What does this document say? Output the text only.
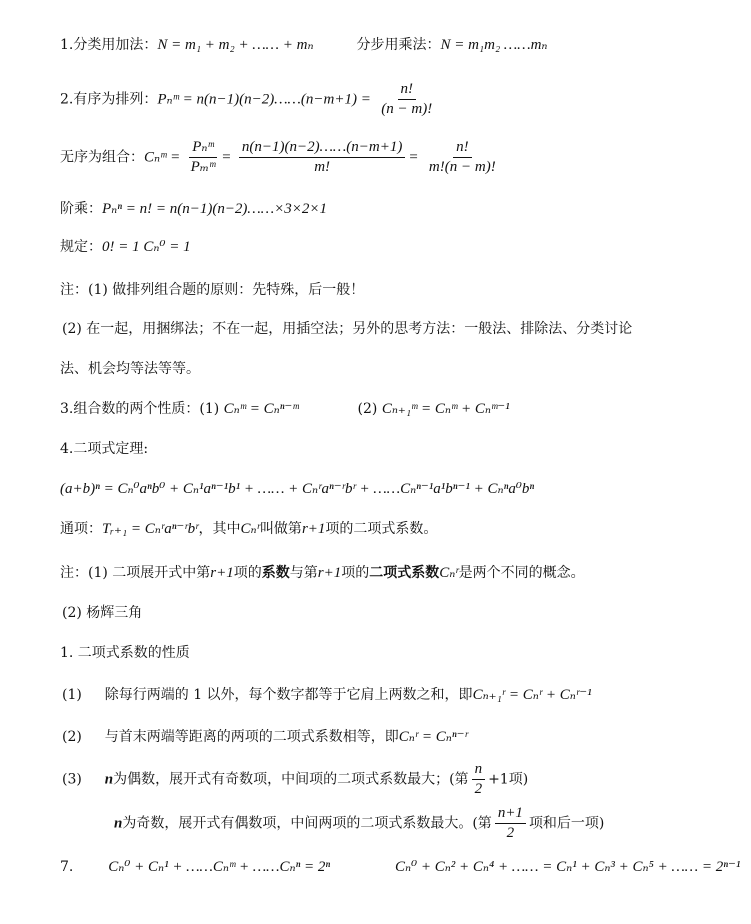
1.分类用加法：N = m₁ + m₂ + …… + mₙ	分步用乘法：N = m₁m₂ ……mₙ
2.有序为排列：Pₙᵐ = n(n−1)(n−2)……(n−m+1) = $\frac{n!}{(n - m)!}$
无序为组合：Cₙᵐ = $\frac{\text{Pₙᵐ}}{\text{Pₘᵐ}} = \frac{n(n-1)(n-2)\dots\dots(n-m+1)}{m!} = \frac{n!}{m!(n - m)!}$
阶乘：Pₙⁿ = n! = n(n−1)(n−2)……×3×2×1
规定：0! = 1 Cₙ⁰ = 1
注：(1) 做排列组合题的原则：先特殊，后一般！
(2) 在一起，用捆绑法；不在一起，用插空法；另外的思考方法：一般法、排除法、分类讨论
法、机会均等法等等。
3.组合数的两个性质：(1) Cₙᵐ = Cₙⁿ⁻ᵐ	(2) Cₙ₊₁ᵐ = Cₙᵐ + Cₙᵐ⁻¹
4.二项式定理:
(a+b)ⁿ = Cₙ⁰aⁿb⁰ + Cₙ¹aⁿ⁻¹b¹ + …… + Cₙʳaⁿ⁻ʳbʳ + ……Cₙⁿ⁻¹a¹bⁿ⁻¹ + Cₙⁿa⁰bⁿ
通项：Tᵣ₊₁ = Cₙʳaⁿ⁻ʳbʳ，其中Cₙʳ叫做第r+1项的二项式系数。
注：(1) 二项展开式中第r+1项的系数与第r+1项的二项式系数Cₙʳ是两个不同的概念。
(2) 杨辉三角
1. 二项式系数的性质
(1) 除每行两端的 1 以外，每个数字都等于它肩上两数之和，即Cₙ₊₁ʳ = Cₙʳ + Cₙʳ⁻¹
(2) 与首末两端等距离的两项的二项式系数相等，即Cₙʳ = Cₙⁿ⁻ʳ
(3) n为偶数，展开式有奇数项，中间项的二项式系数最大；(第 $\frac{n}{2} +1$项)
n为奇数，展开式有偶数项，中间两项的二项式系数最大。(第 $\frac{n+1}{2}$ 项和后一项)
7. Cₙ⁰ + Cₙ¹ + ……Cₙᵐ + ……Cₙⁿ = 2ⁿ	Cₙ⁰ + Cₙ² + Cₙ⁴ + …… = Cₙ¹ + Cₙ³ + Cₙ⁵ + …… = 2ⁿ⁻¹
